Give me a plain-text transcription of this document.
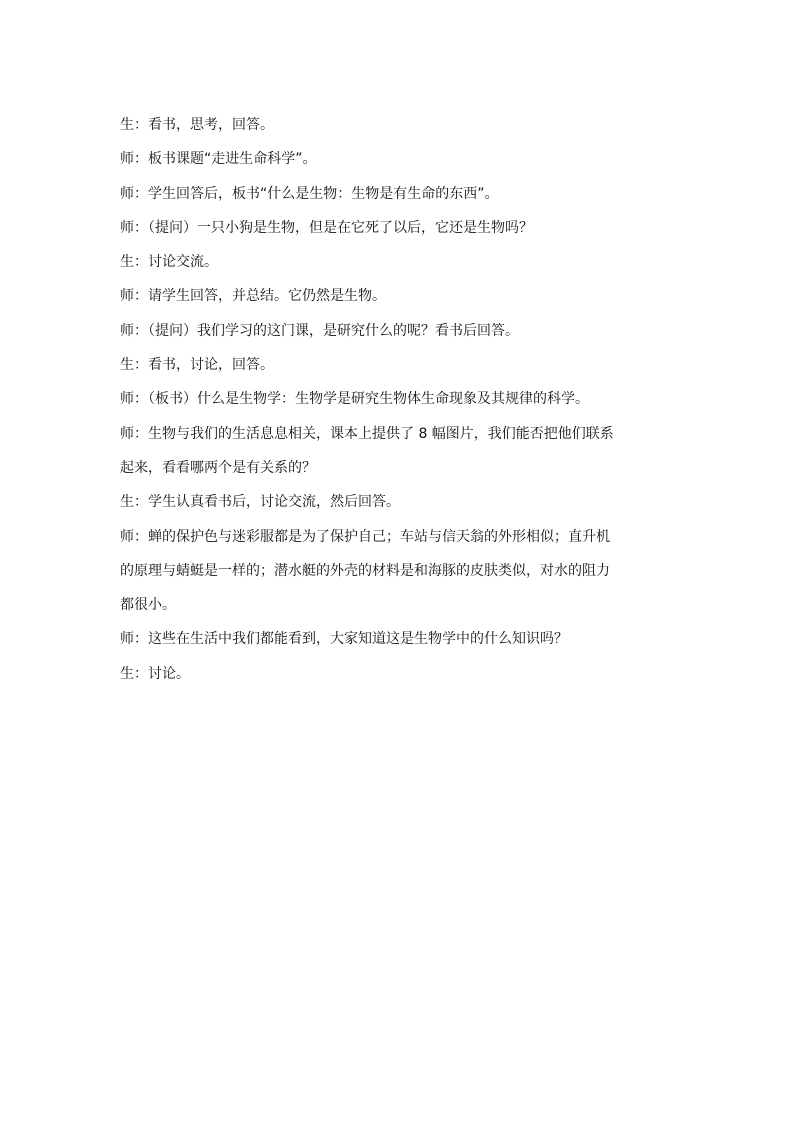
生：看书，思考，回答。
师：板书课题“走进生命科学”。
师：学生回答后，板书“什么是生物：生物是有生命的东西”。
师：（提问）一只小狗是生物，但是在它死了以后，它还是生物吗？
生：讨论交流。
师：请学生回答，并总结。它仍然是生物。
师：（提问）我们学习的这门课，是研究什么的呢？看书后回答。
生：看书，讨论，回答。
师：（板书）什么是生物学：生物学是研究生物体生命现象及其规律的科学。
师：生物与我们的生活息息相关，课本上提供了 8 幅图片，我们能否把他们联系
起来，看看哪两个是有关系的？
生：学生认真看书后，讨论交流，然后回答。
师：蝉的保护色与迷彩服都是为了保护自己；车站与信天翁的外形相似；直升机
的原理与蜻蜓是一样的；潜水艇的外壳的材料是和海豚的皮肤类似，对水的阻力
都很小。
师：这些在生活中我们都能看到，大家知道这是生物学中的什么知识吗？
生：讨论。
